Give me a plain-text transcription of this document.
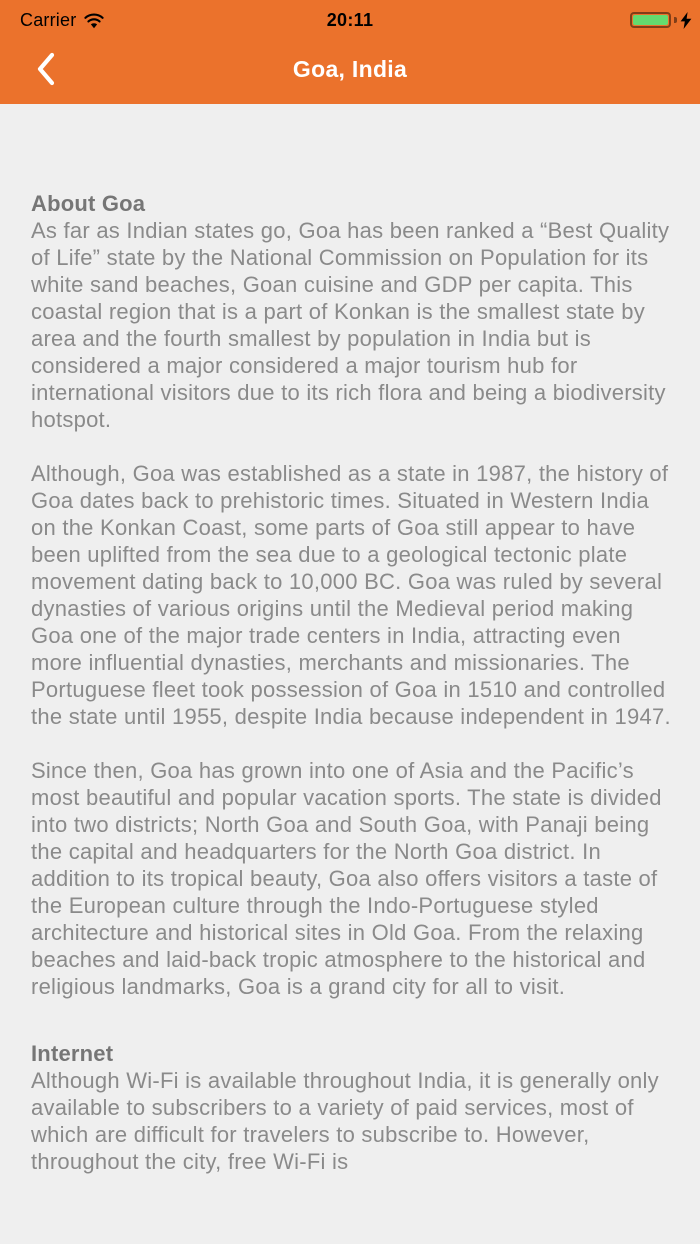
Carrier	20:11
Goa, India
About Goa

As far as Indian states go, Goa has been ranked a “Best Quality of Life” state by the National Commission on Population for its white sand beaches, Goan cuisine and GDP per capita. This coastal region that is a part of Konkan is the smallest state by area and the fourth smallest by population in India but is considered a major considered a major tourism hub for international visitors due to its rich flora and being a biodiversity hotspot.

Although, Goa was established as a state in 1987, the history of Goa dates back to prehistoric times. Situated in Western India on the Konkan Coast, some parts of Goa still appear to have been uplifted from the sea due to a geological tectonic plate movement dating back to 10,000 BC. Goa was ruled by several dynasties of various origins until the Medieval period making Goa one of the major trade centers in India, attracting even more influential dynasties, merchants and missionaries. The Portuguese fleet took possession of Goa in 1510 and controlled the state until 1955, despite India because independent in 1947.

Since then, Goa has grown into one of Asia and the Pacific’s most beautiful and popular vacation sports. The state is divided into two districts; North Goa and South Goa, with Panaji being the capital and headquarters for the North Goa district. In addition to its tropical beauty, Goa also offers visitors a taste of the European culture through the Indo-Portuguese styled architecture and historical sites in Old Goa. From the relaxing beaches and laid-back tropic atmosphere to the historical and religious landmarks, Goa is a grand city for all to visit.

Internet

Although Wi-Fi is available throughout India, it is generally only available to subscribers to a variety of paid services, most of which are difficult for travelers to subscribe to. However, throughout the city, free Wi-Fi is
